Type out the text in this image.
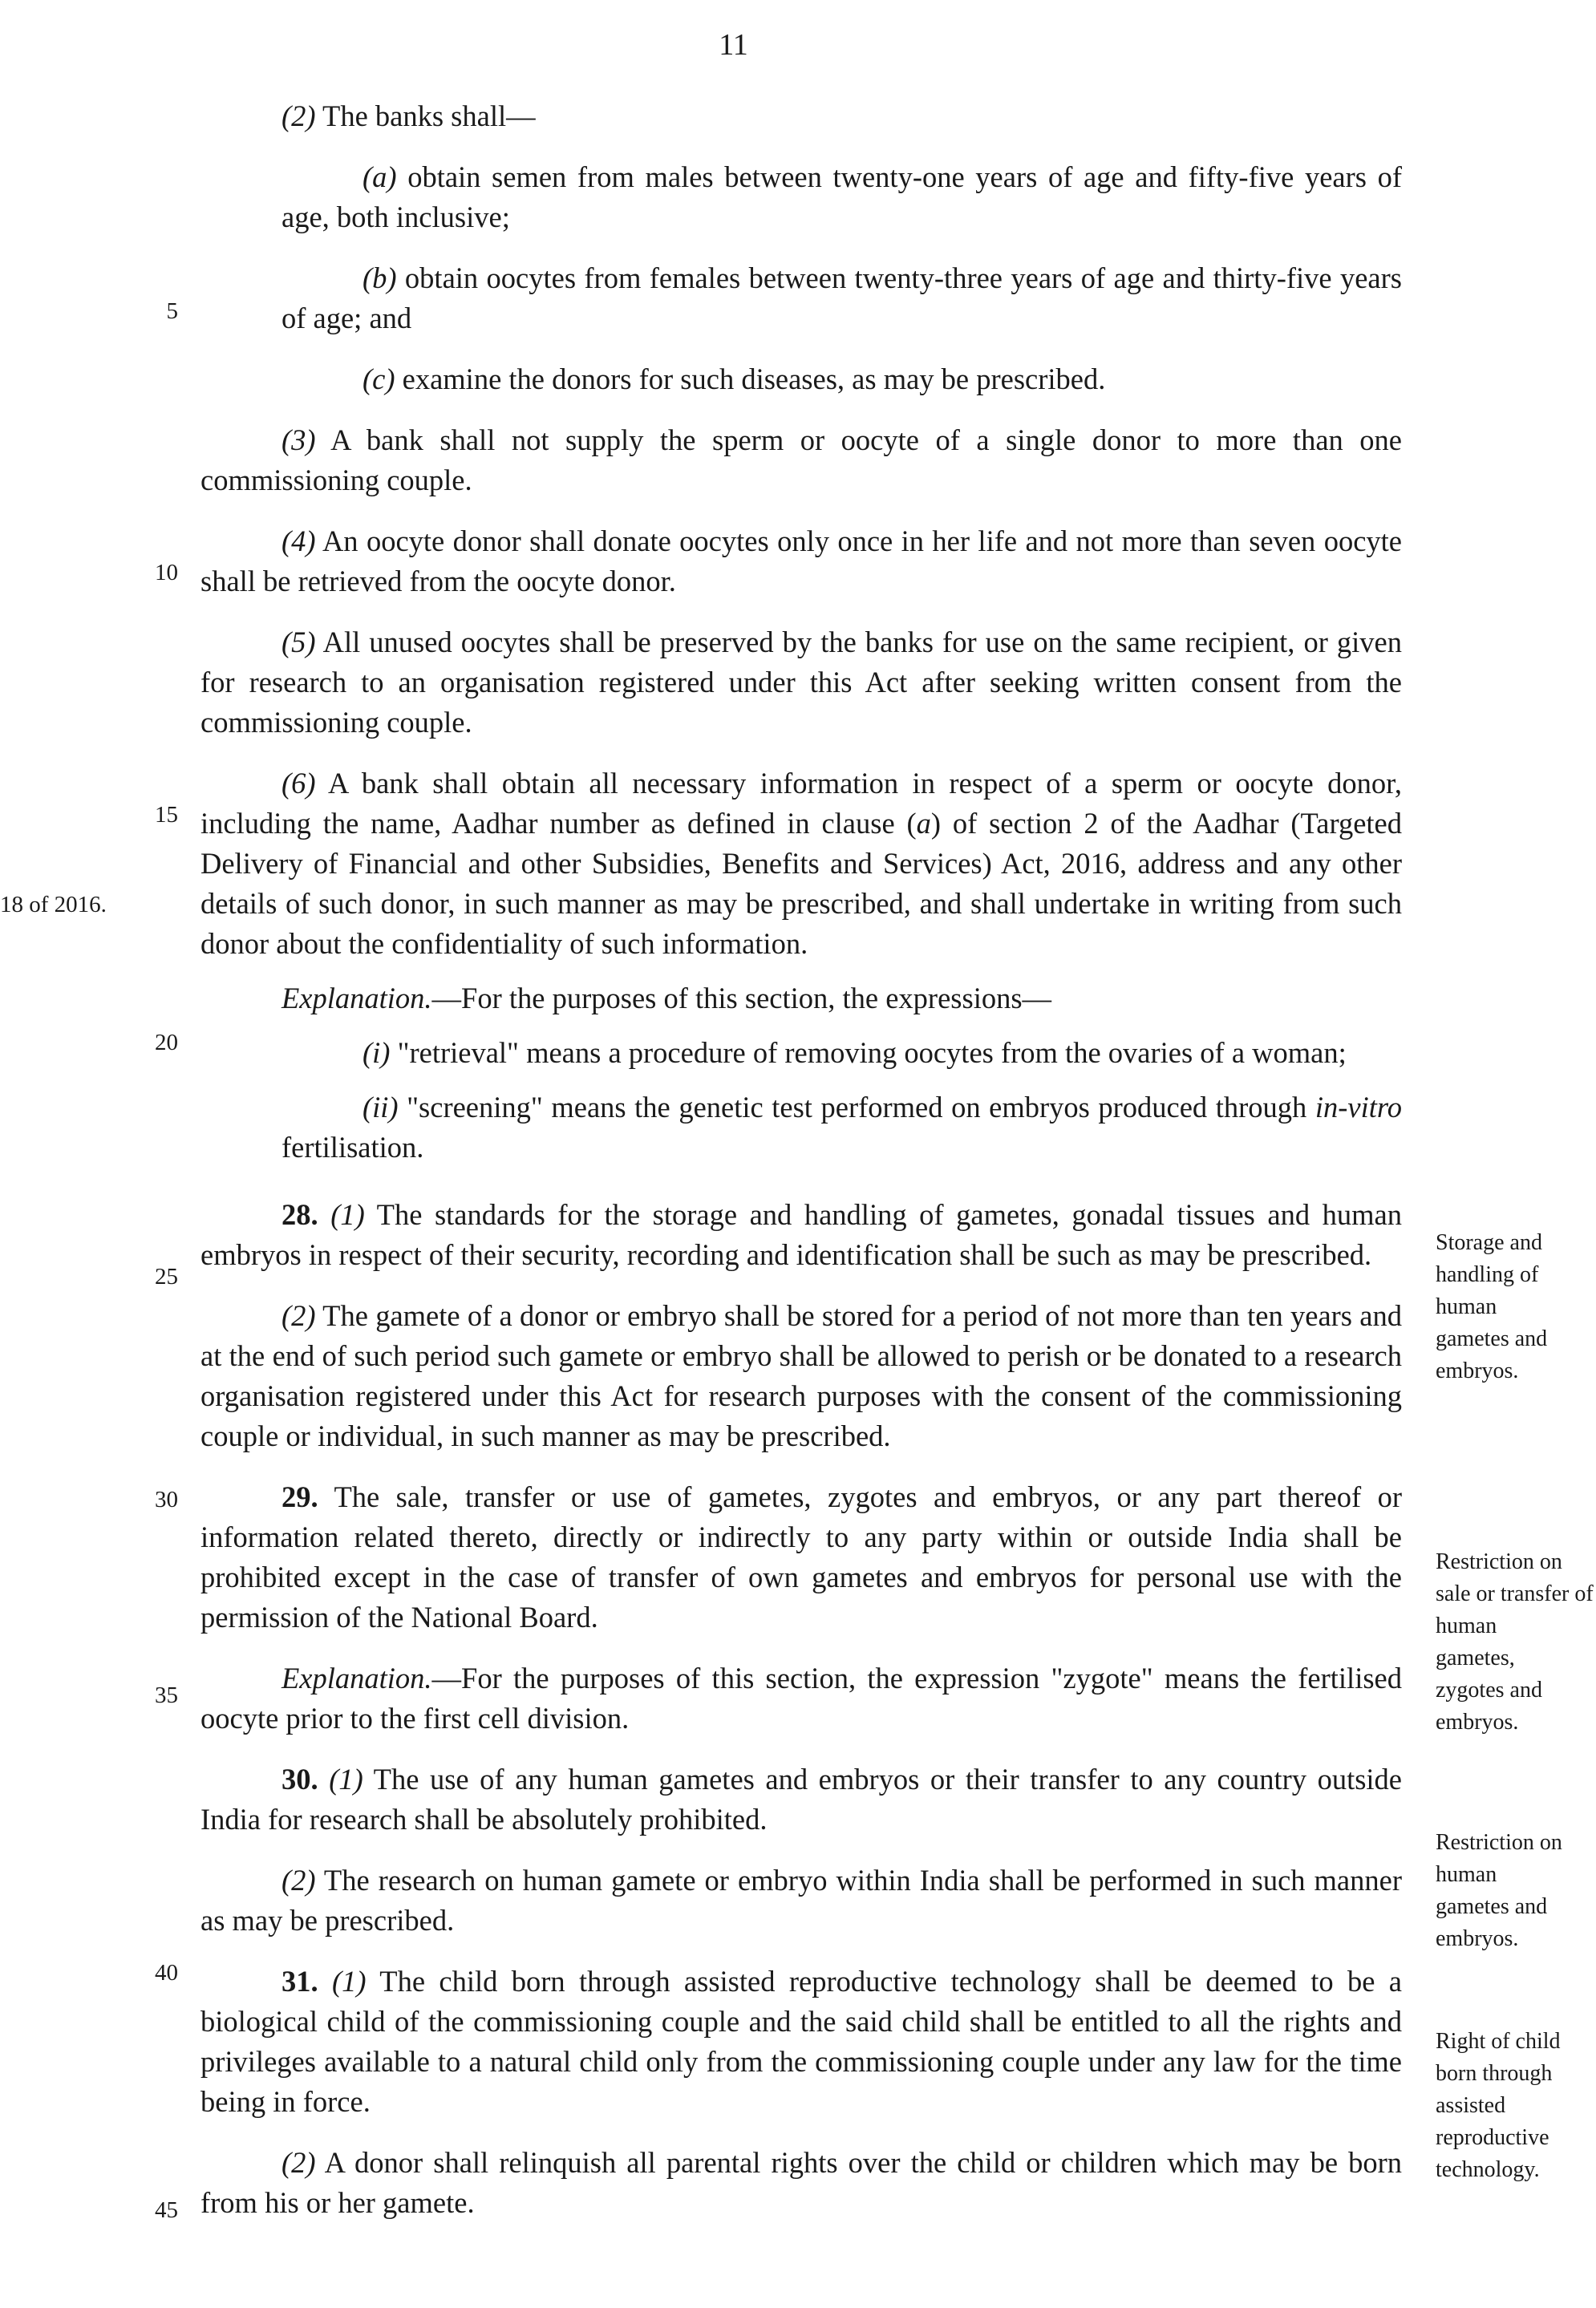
11
5
10
15
20
25
30
35
40
45
18 of 2016.
Storage and
handling of
human
gametes and
embryos.
Restriction on
sale or transfer of
human
gametes,
zygotes and
embryos.
Restriction on
human
gametes and
embryos.
Right of child
born through
assisted
reproductive
technology.

(2) The banks shall—

(a) obtain semen from males between twenty-one years of age and fifty-five years of age, both inclusive;

(b) obtain oocytes from females between twenty-three years of age and thirty-five years of age; and

(c) examine the donors for such diseases, as may be prescribed.

(3) A bank shall not supply the sperm or oocyte of a single donor to more than one commissioning couple.

(4) An oocyte donor shall donate oocytes only once in her life and not more than seven oocyte shall be retrieved from the oocyte donor.

(5) All unused oocytes shall be preserved by the banks for use on the same recipient, or given for research to an organisation registered under this Act after seeking written consent from the commissioning couple.

(6) A bank shall obtain all necessary information in respect of a sperm or oocyte donor, including the name, Aadhar number as defined in clause (a) of section 2 of the Aadhar (Targeted Delivery of Financial and other Subsidies, Benefits and Services) Act, 2016, address and any other details of such donor, in such manner as may be prescribed, and shall undertake in writing from such donor about the confidentiality of such information.

Explanation.—For the purposes of this section, the expressions—

(i) "retrieval" means a procedure of removing oocytes from the ovaries of a woman;

(ii) "screening" means the genetic test performed on embryos produced through in-vitro fertilisation.

28. (1) The standards for the storage and handling of gametes, gonadal tissues and human embryos in respect of their security, recording and identification shall be such as may be prescribed.

(2) The gamete of a donor or embryo shall be stored for a period of not more than ten years and at the end of such period such gamete or embryo shall be allowed to perish or be donated to a research organisation registered under this Act for research purposes with the consent of the commissioning couple or individual, in such manner as may be prescribed.

29. The sale, transfer or use of gametes, zygotes and embryos, or any part thereof or information related thereto, directly or indirectly to any party within or outside India shall be prohibited except in the case of transfer of own gametes and embryos for personal use with the permission of the National Board.

Explanation.—For the purposes of this section, the expression "zygote" means the fertilised oocyte prior to the first cell division.

30. (1) The use of any human gametes and embryos or their transfer to any country outside India for research shall be absolutely prohibited.

(2) The research on human gamete or embryo within India shall be performed in such manner as may be prescribed.

31. (1) The child born through assisted reproductive technology shall be deemed to be a biological child of the commissioning couple and the said child shall be entitled to all the rights and privileges available to a natural child only from the commissioning couple under any law for the time being in force.

(2) A donor shall relinquish all parental rights over the child or children which may be born from his or her gamete.
